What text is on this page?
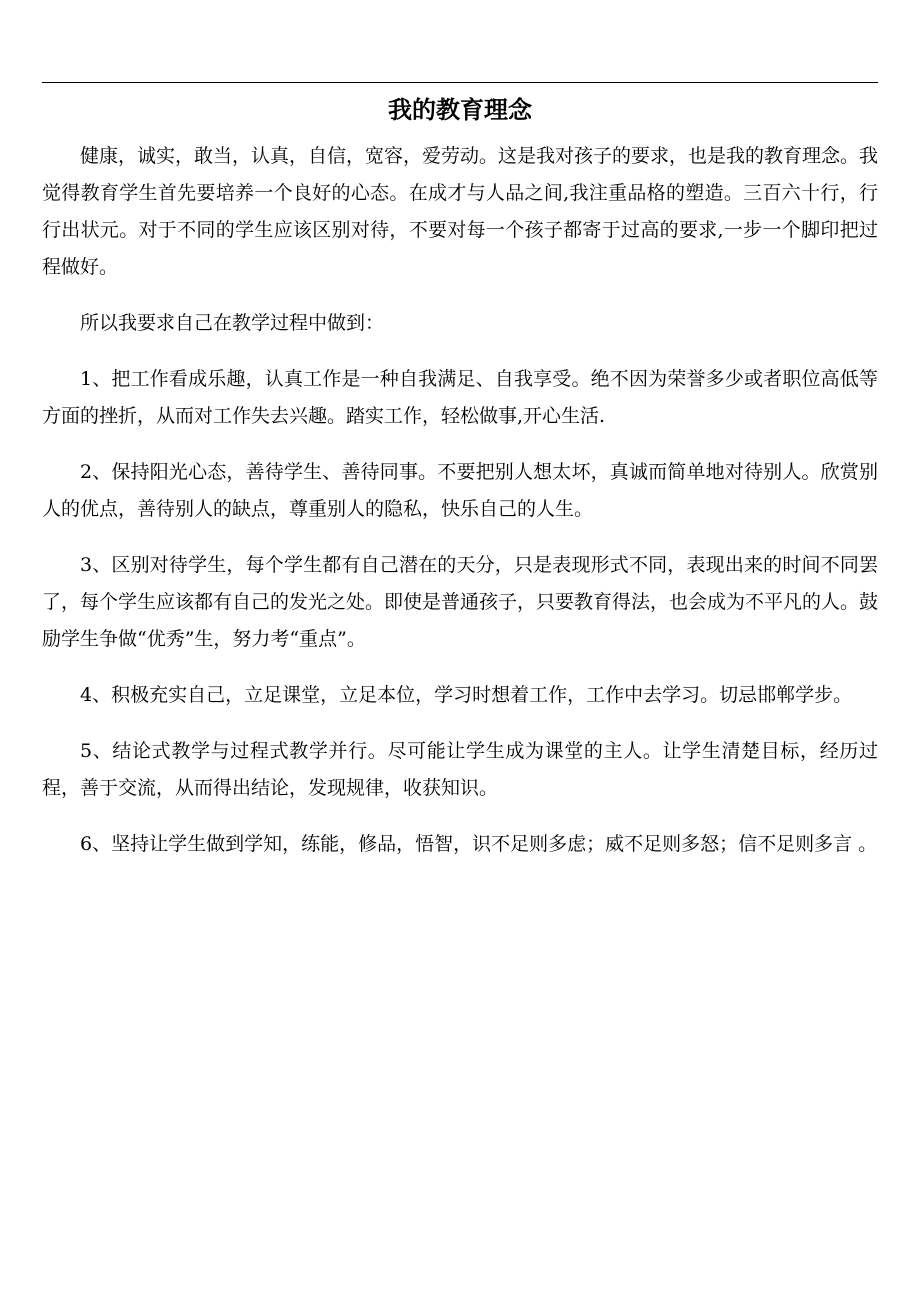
我的教育理念

健康，诚实，敢当，认真，自信，宽容，爱劳动。这是我对孩子的要求，也是我的教育理念。我觉得教育学生首先要培养一个良好的心态。在成才与人品之间,我注重品格的塑造。三百六十行，行行出状元。对于不同的学生应该区别对待，不要对每一个孩子都寄于过高的要求,一步一个脚印把过程做好。

所以我要求自己在教学过程中做到：

1、把工作看成乐趣，认真工作是一种自我满足、自我享受。绝不因为荣誉多少或者职位高低等方面的挫折，从而对工作失去兴趣。踏实工作，轻松做事,开心生活.

2、保持阳光心态，善待学生、善待同事。不要把别人想太坏，真诚而简单地对待别人。欣赏别人的优点，善待别人的缺点，尊重别人的隐私，快乐自己的人生。

3、区别对待学生，每个学生都有自己潜在的天分，只是表现形式不同，表现出来的时间不同罢了，每个学生应该都有自己的发光之处。即使是普通孩子，只要教育得法，也会成为不平凡的人。鼓励学生争做“优秀”生，努力考“重点”。

4、积极充实自己，立足课堂，立足本位，学习时想着工作，工作中去学习。切忌邯郸学步。

5、结论式教学与过程式教学并行。尽可能让学生成为课堂的主人。让学生清楚目标，经历过程，善于交流，从而得出结论，发现规律，收获知识。

6、坚持让学生做到学知，练能，修品，悟智，识不足则多虑；威不足则多怒；信不足则多言 。
